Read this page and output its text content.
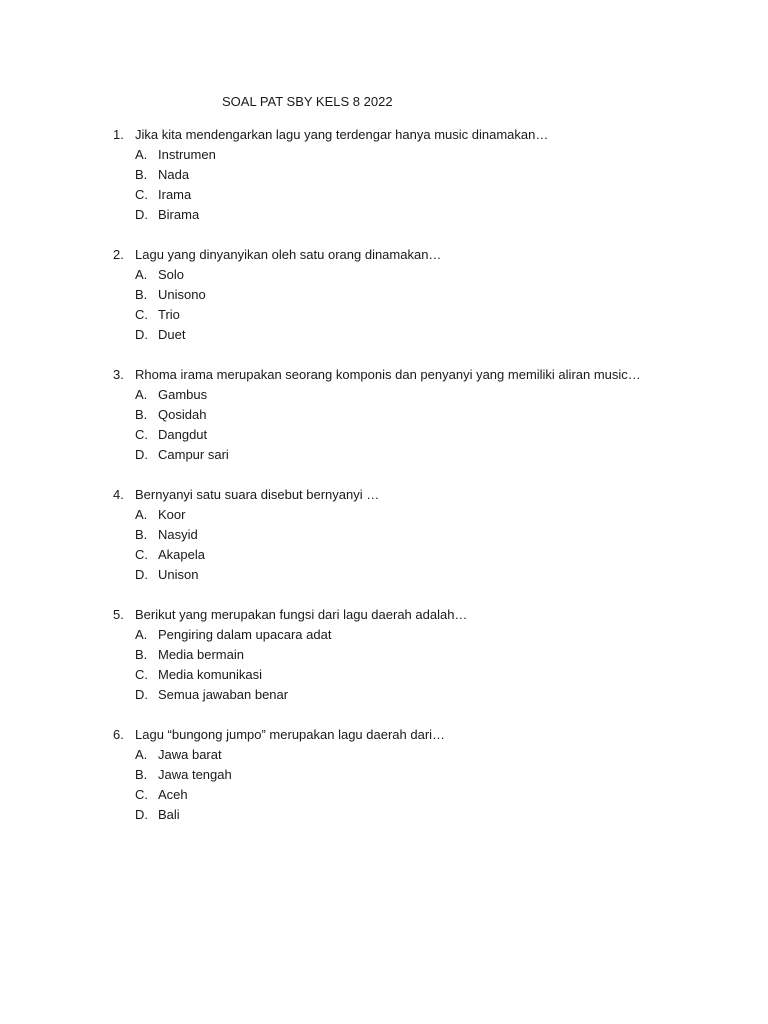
SOAL PAT SBY KELS 8 2022
1. Jika kita mendengarkan lagu yang terdengar hanya music dinamakan…
A. Instrumen
B. Nada
C. Irama
D. Birama
2. Lagu yang dinyanyikan oleh satu orang dinamakan…
A. Solo
B. Unisono
C. Trio
D. Duet
3. Rhoma irama merupakan seorang komponis dan penyanyi yang memiliki aliran music…
A. Gambus
B. Qosidah
C. Dangdut
D. Campur sari
4. Bernyanyi satu suara disebut bernyanyi …
A. Koor
B. Nasyid
C. Akapela
D. Unison
5. Berikut yang merupakan fungsi dari lagu daerah adalah…
A. Pengiring dalam upacara adat
B. Media bermain
C. Media komunikasi
D. Semua jawaban benar
6. Lagu “bungong jumpo” merupakan lagu daerah dari…
A. Jawa barat
B. Jawa tengah
C. Aceh
D. Bali
